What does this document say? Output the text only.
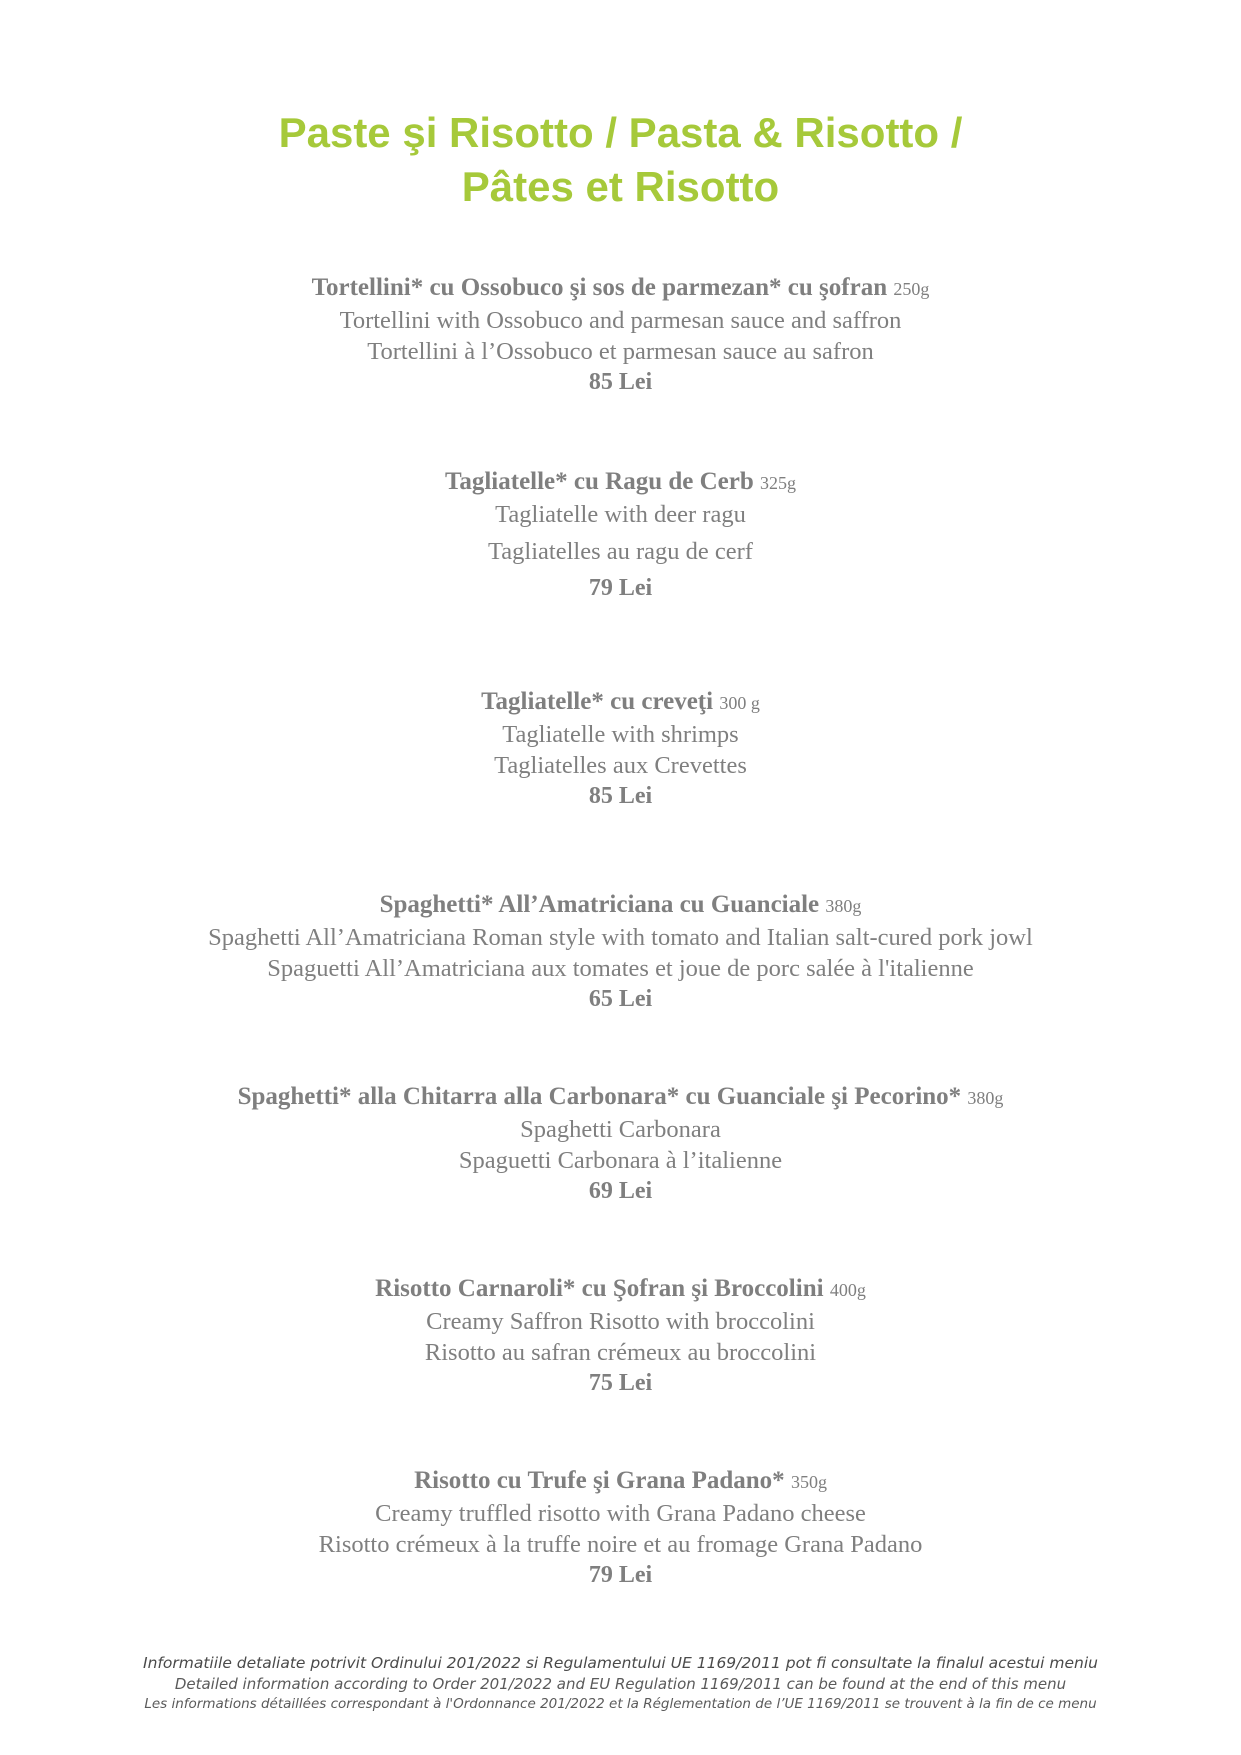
Paste şi Risotto / Pasta & Risotto /
Pâtes et Risotto
Tortellini* cu Ossobuco şi sos de parmezan* cu şofran 250g
Tortellini with Ossobuco and parmesan sauce and saffron
Tortellini à l’Ossobuco et parmesan sauce au safron
85 Lei
Tagliatelle* cu Ragu de Cerb 325g
Tagliatelle with deer ragu
Tagliatelles au ragu de cerf
79 Lei
Tagliatelle* cu creveţi 300 g
Tagliatelle with shrimps
Tagliatelles aux Crevettes
85 Lei
Spaghetti* All’Amatriciana cu Guanciale 380g
Spaghetti All’Amatriciana Roman style with tomato and Italian salt-cured pork jowl
Spaguetti All’Amatriciana aux tomates et joue de porc salée à l'italienne
65 Lei
Spaghetti* alla Chitarra alla Carbonara* cu Guanciale şi Pecorino* 380g
Spaghetti Carbonara
Spaguetti Carbonara à l’italienne
69 Lei
Risotto Carnaroli* cu Şofran şi Broccolini 400g
Creamy Saffron Risotto with broccolini
Risotto au safran crémeux au broccolini
75 Lei
Risotto cu Trufe şi Grana Padano* 350g
Creamy truffled risotto with Grana Padano cheese
Risotto crémeux à la truffe noire et au fromage Grana Padano
79 Lei
Informatiile detaliate potrivit Ordinului 201/2022 si Regulamentului UE 1169/2011 pot fi consultate la finalul acestui meniu
Detailed information according to Order 201/2022 and EU Regulation 1169/2011 can be found at the end of this menu
Les informations détaillées correspondant à l'Ordonnance 201/2022 et la Réglementation de l’UE 1169/2011 se trouvent à la fin de ce menu
